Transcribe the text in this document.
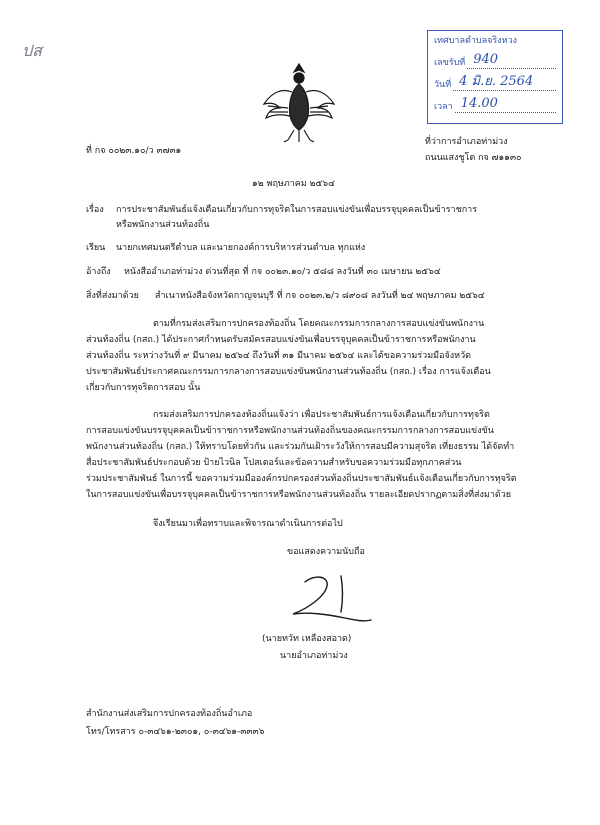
ปส	เทศบาลตำบลจริงหวง
เลขรับที่ 940
วันที่ 4 มิ.ย. 2564
เวลา 14.00
ที่ กจ ๐๐๒๓.๑๐/ว ๓๗๓๑
ที่ว่าการอำเภอท่าม่วง
ถนนแสงชูโต กจ ๗๑๑๓๐
๑๒ พฤษภาคม ๒๕๖๔
เรื่อง การประชาสัมพันธ์แจ้งเตือนเกี่ยวกับการทุจริตในการสอบแข่งขันเพื่อบรรจุบุคคลเป็นข้าราชการ
หรือพนักงานส่วนท้องถิ่น
เรียน นายกเทศมนตรีตำบล และนายกองค์การบริหารส่วนตำบล ทุกแห่ง
อ้างถึง หนังสืออำเภอท่าม่วง ด่วนที่สุด ที่ กจ ๐๐๒๓.๑๐/ว ๕๘๘ ลงวันที่ ๓๐ เมษายน ๒๕๖๔
สิ่งที่ส่งมาด้วย สำเนาหนังสือจังหวัดกาญจนบุรี ที่ กจ ๐๐๒๓.๒/ว ๘๙๐๘ ลงวันที่ ๒๔ พฤษภาคม ๒๕๖๔
ตามที่กรมส่งเสริมการปกครองท้องถิ่น โดยคณะกรรมการกลางการสอบแข่งขันพนักงาน
ส่วนท้องถิ่น (กสถ.) ได้ประกาศกำหนดรับสมัครสอบแข่งขันเพื่อบรรจุบุคคลเป็นข้าราชการหรือพนักงาน
ส่วนท้องถิ่น ระหว่างวันที่ ๙ มีนาคม ๒๕๖๔ ถึงวันที่ ๓๑ มีนาคม ๒๕๖๔ และได้ขอความร่วมมือจังหวัด
ประชาสัมพันธ์ประกาศคณะกรรมการกลางการสอบแข่งขันพนักงานส่วนท้องถิ่น (กสถ.) เรื่อง การแจ้งเตือน
เกี่ยวกับการทุจริตการสอบ นั้น
กรมส่งเสริมการปกครองท้องถิ่นแจ้งว่า เพื่อประชาสัมพันธ์การแจ้งเตือนเกี่ยวกับการทุจริต
การสอบแข่งขันบรรจุบุคคลเป็นข้าราชการหรือพนักงานส่วนท้องถิ่นของคณะกรรมการกลางการสอบแข่งขัน
พนักงานส่วนท้องถิ่น (กสถ.) ให้ทราบโดยทั่วกัน และร่วมกันเฝ้าระวังให้การสอบมีความสุจริต เที่ยงธรรม ได้จัดทำ
สื่อประชาสัมพันธ์ประกอบด้วย ป้ายไวนิล โปสเตอร์และข้อความสำหรับขอความร่วมมือทุกภาคส่วน
ร่วมประชาสัมพันธ์ ในการนี้ ขอความร่วมมือองค์กรปกครองส่วนท้องถิ่นประชาสัมพันธ์แจ้งเตือนเกี่ยวกับการทุจริต
ในการสอบแข่งขันเพื่อบรรจุบุคคลเป็นข้าราชการหรือพนักงานส่วนท้องถิ่น รายละเอียดปรากฏตามสิ่งที่ส่งมาด้วย
จึงเรียนมาเพื่อทราบและพิจารณาดำเนินการต่อไป
ขอแสดงความนับถือ
(นายทวัท เหลืองสอาด)
นายอำเภอท่าม่วง
สำนักงานส่งเสริมการปกครองท้องถิ่นอำเภอ
โทร/โทรสาร ๐-๓๔๖๑-๒๓๐๑, ๐-๓๔๖๑-๓๓๓๖
